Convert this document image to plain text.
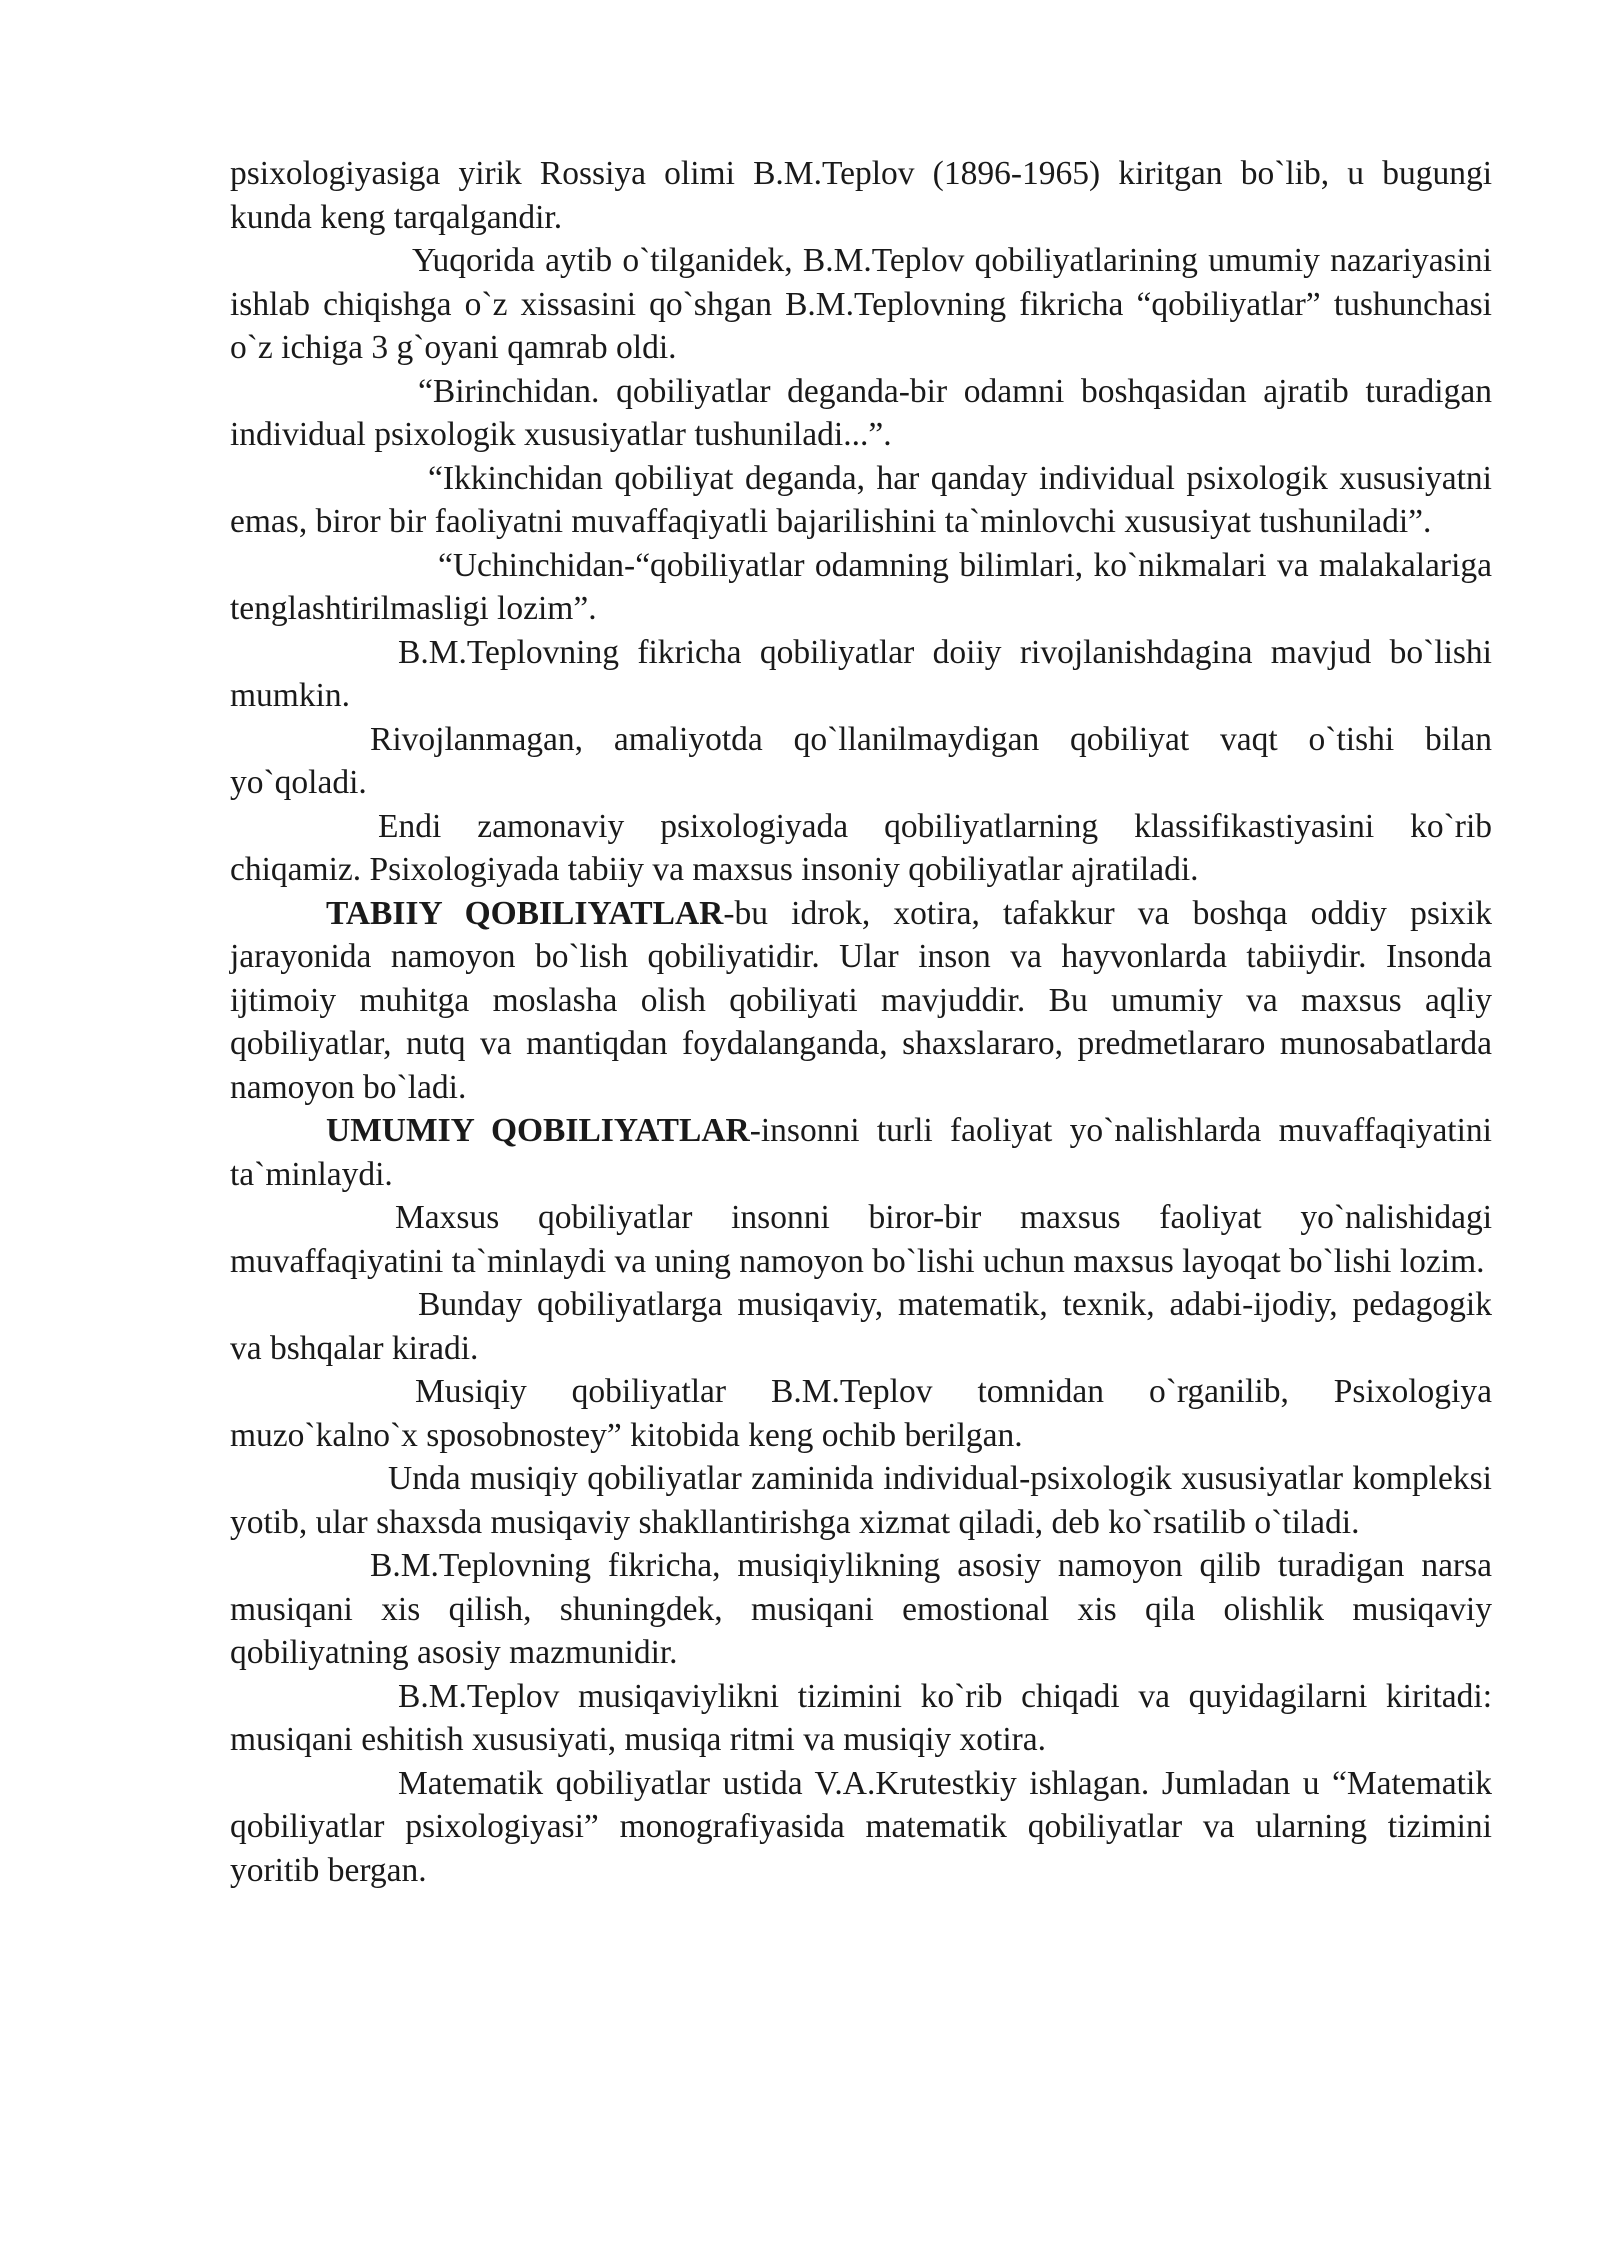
psixologiyasiga yirik Rossiya olimi B.M.Teplov (1896-1965) kiritgan bo`lib, u bugungi kunda keng tarqalgandir.

Yuqorida aytib o`tilganidek, B.M.Teplov qobiliyatlarining umumiy nazariyasini ishlab chiqishga o`z xissasini qo`shgan B.M.Teplovning fikricha “qobiliyatlar” tushunchasi o`z ichiga 3 g`oyani qamrab oldi.

“Birinchidan. qobiliyatlar deganda-bir odamni boshqasidan ajratib turadigan individual psixologik xususiyatlar tushuniladi...”.

“Ikkinchidan qobiliyat deganda, har qanday individual psixologik xususiyatni emas, biror bir faoliyatni muvaffaqiyatli bajarilishini ta`minlovchi xususiyat tushuniladi”.

“Uchinchidan-“qobiliyatlar odamning bilimlari, ko`nikmalari va malakalariga tenglashtirilmasligi lozim”.

B.M.Teplovning fikricha qobiliyatlar doiiy rivojlanishdagina mavjud bo`lishi mumkin.

Rivojlanmagan, amaliyotda qo`llanilmaydigan qobiliyat vaqt o`tishi bilan yo`qoladi.

Endi zamonaviy psixologiyada qobiliyatlarning klassifikastiyasini ko`rib chiqamiz. Psixologiyada tabiiy va maxsus insoniy qobiliyatlar ajratiladi.

TABIIY QOBILIYATLAR-bu idrok, xotira, tafakkur va boshqa oddiy psixik jarayonida namoyon bo`lish qobiliyatidir. Ular inson va hayvonlarda tabiiydir. Insonda ijtimoiy muhitga moslasha olish qobiliyati mavjuddir. Bu umumiy va maxsus aqliy qobiliyatlar, nutq va mantiqdan foydalanganda, shaxslararo, predmetlararo munosabatlarda namoyon bo`ladi.

UMUMIY QOBILIYATLAR-insonni turli faoliyat yo`nalishlarda muvaffaqiyatini ta`minlaydi.

Maxsus qobiliyatlar insonni biror-bir maxsus faoliyat yo`nalishidagi muvaffaqiyatini ta`minlaydi va uning namoyon bo`lishi uchun maxsus layoqat bo`lishi lozim.

Bunday qobiliyatlarga musiqaviy, matematik, texnik, adabi-ijodiy, pedagogik va bshqalar kiradi.

Musiqiy qobiliyatlar B.M.Teplov tomnidan o`rganilib, Psixologiya muzo`kalno`x sposobnostey” kitobida keng ochib berilgan.

Unda musiqiy qobiliyatlar zaminida individual-psixologik xususiyatlar kompleksi yotib, ular shaxsda musiqaviy shakllantirishga xizmat qiladi, deb ko`rsatilib o`tiladi.

B.M.Teplovning fikricha, musiqiylikning asosiy namoyon qilib turadigan narsa musiqani xis qilish, shuningdek, musiqani emostional xis qila olishlik musiqaviy qobiliyatning asosiy mazmunidir.

B.M.Teplov musiqaviylikni tizimini ko`rib chiqadi va quyidagilarni kiritadi: musiqani eshitish xususiyati, musiqa ritmi va musiqiy xotira.

Matematik qobiliyatlar ustida V.A.Krutestkiy ishlagan. Jumladan u “Matematik qobiliyatlar psixologiyasi” monografiyasida matematik qobiliyatlar va ularning tizimini yoritib bergan.
